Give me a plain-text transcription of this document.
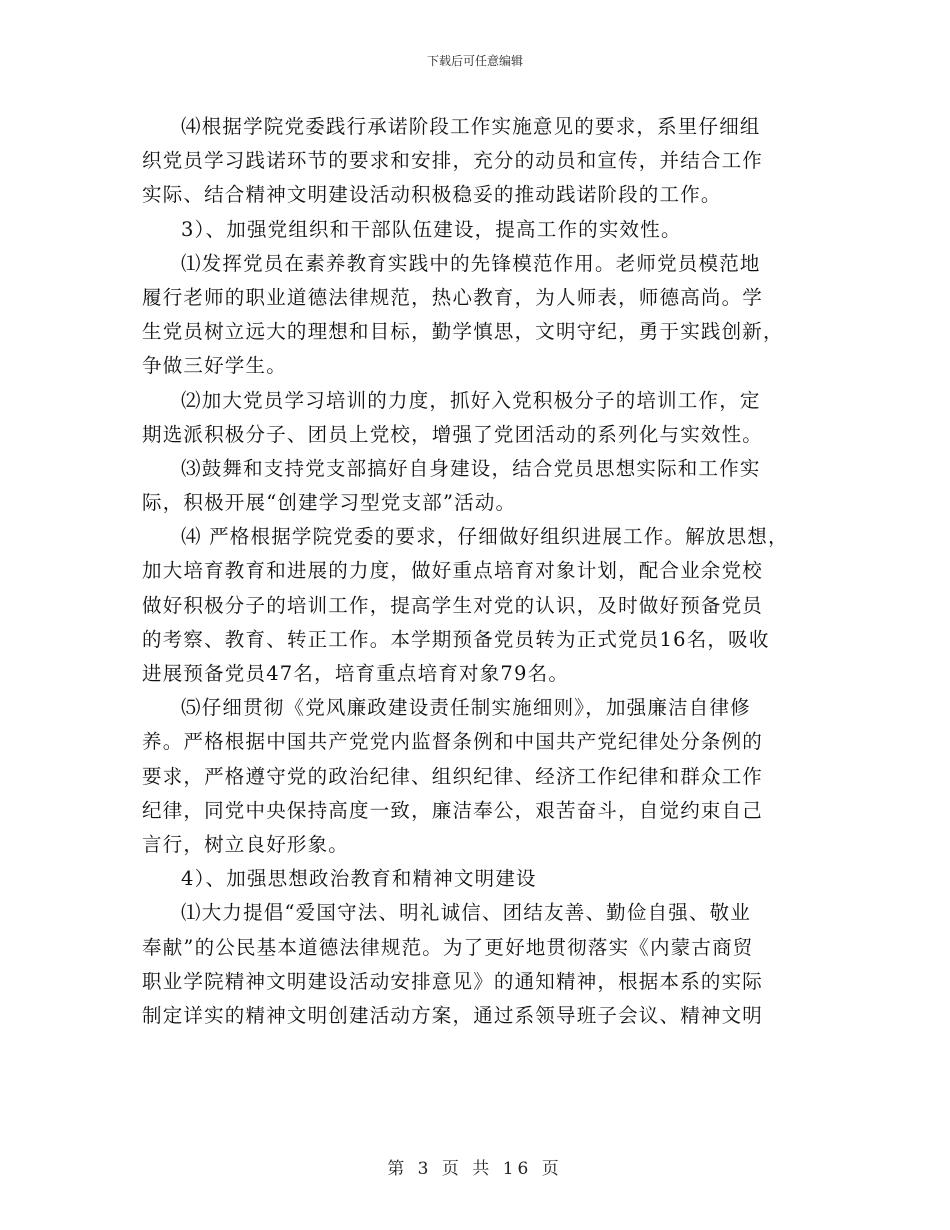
下载后可任意编辑
⑷根据学院党委践行承诺阶段工作实施意见的要求，系里仔细组
织党员学习践诺环节的要求和安排，充分的动员和宣传，并结合工作
实际、结合精神文明建设活动积极稳妥的推动践诺阶段的工作。
3）、加强党组织和干部队伍建设，提高工作的实效性。
⑴发挥党员在素养教育实践中的先锋模范作用。老师党员模范地
履行老师的职业道德法律规范，热心教育，为人师表，师德高尚。学
生党员树立远大的理想和目标，勤学慎思，文明守纪，勇于实践创新，
争做三好学生。
⑵加大党员学习培训的力度，抓好入党积极分子的培训工作，定
期选派积极分子、团员上党校，增强了党团活动的系列化与实效性。
⑶鼓舞和支持党支部搞好自身建设，结合党员思想实际和工作实
际，积极开展“创建学习型党支部”活动。
⑷ 严格根据学院党委的要求，仔细做好组织进展工作。解放思想，
加大培育教育和进展的力度，做好重点培育对象计划，配合业余党校
做好积极分子的培训工作，提高学生对党的认识，及时做好预备党员
的考察、教育、转正工作。本学期预备党员转为正式党员16名，吸收
进展预备党员47名，培育重点培育对象79名。
⑸仔细贯彻《党风廉政建设责任制实施细则》，加强廉洁自律修
养。严格根据中国共产党党内监督条例和中国共产党纪律处分条例的
要求，严格遵守党的政治纪律、组织纪律、经济工作纪律和群众工作
纪律，同党中央保持高度一致，廉洁奉公，艰苦奋斗，自觉约束自己
言行，树立良好形象。
4）、加强思想政治教育和精神文明建设
⑴大力提倡“爱国守法、明礼诚信、团结友善、勤俭自强、敬业
奉献”的公民基本道德法律规范。为了更好地贯彻落实《内蒙古商贸
职业学院精神文明建设活动安排意见》的通知精神，根据本系的实际
制定详实的精神文明创建活动方案，通过系领导班子会议、精神文明
第 3 页 共 16 页
